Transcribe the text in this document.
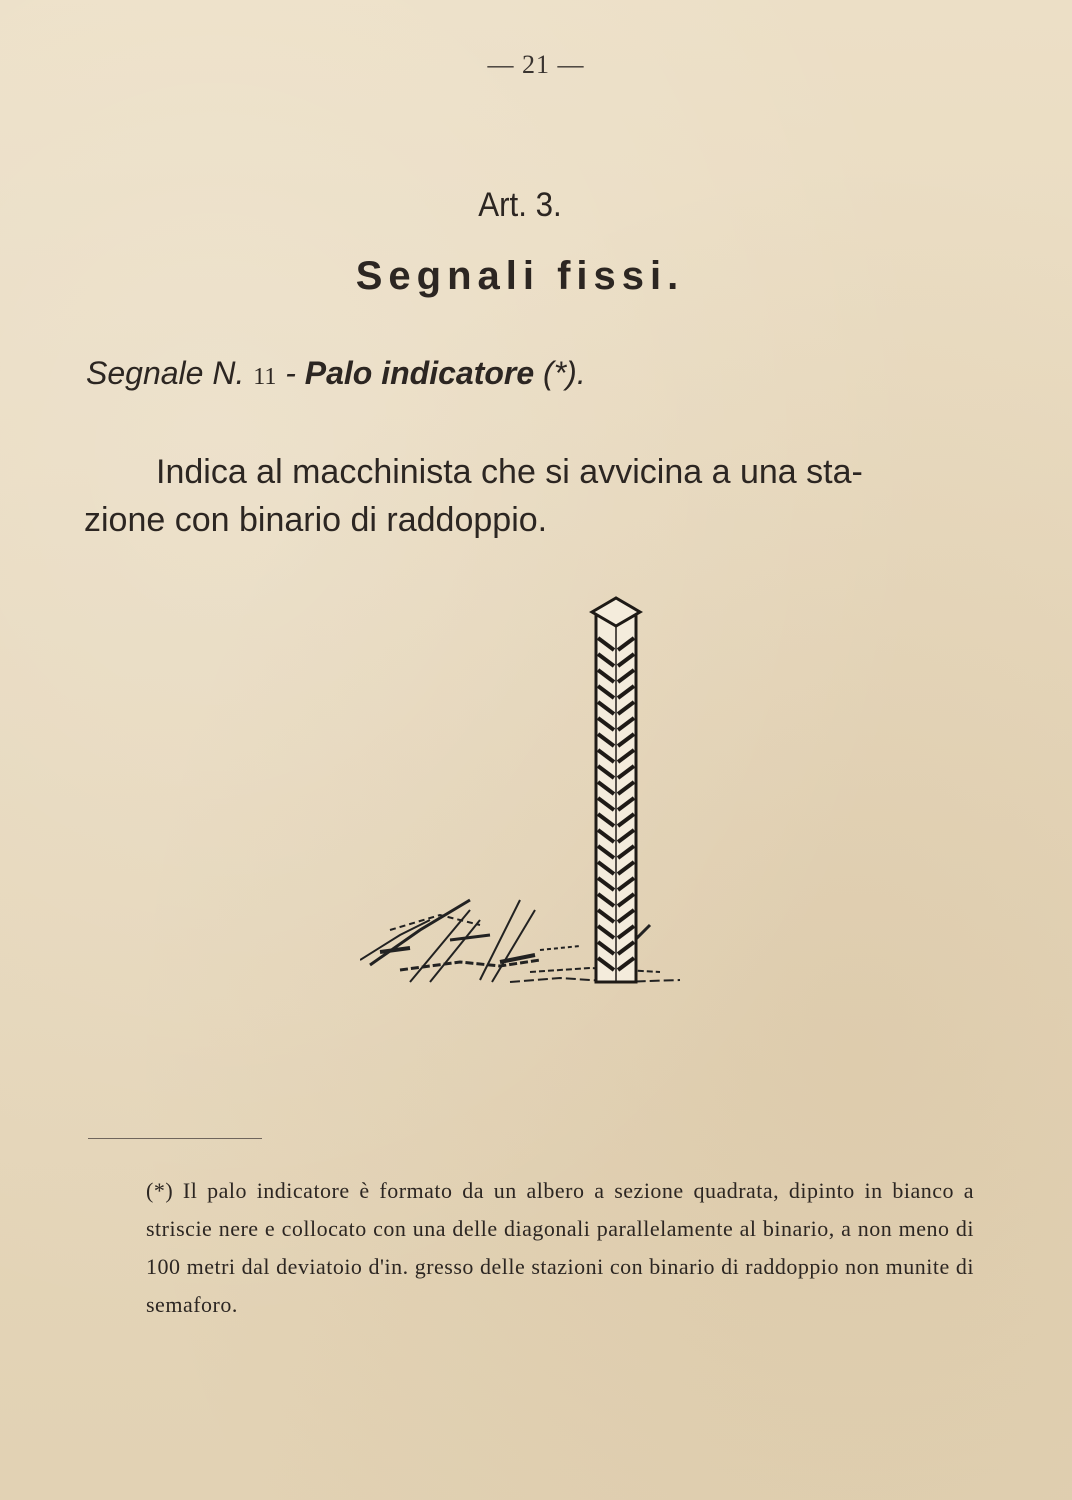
— 21 —
Art. 3.
Segnali fissi.
Segnale N. 11 - Palo indicatore (*).
Indica al macchinista che si avvicina a una sta-
zione con binario di raddoppio.
(*) Il palo indicatore è formato da un albero a sezione quadrata, dipinto in bianco a striscie nere e collocato con una delle diagonali parallelamente al binario, a non meno di 100 metri dal deviatoio d'in. gresso delle stazioni con binario di raddoppio non munite di semaforo.
